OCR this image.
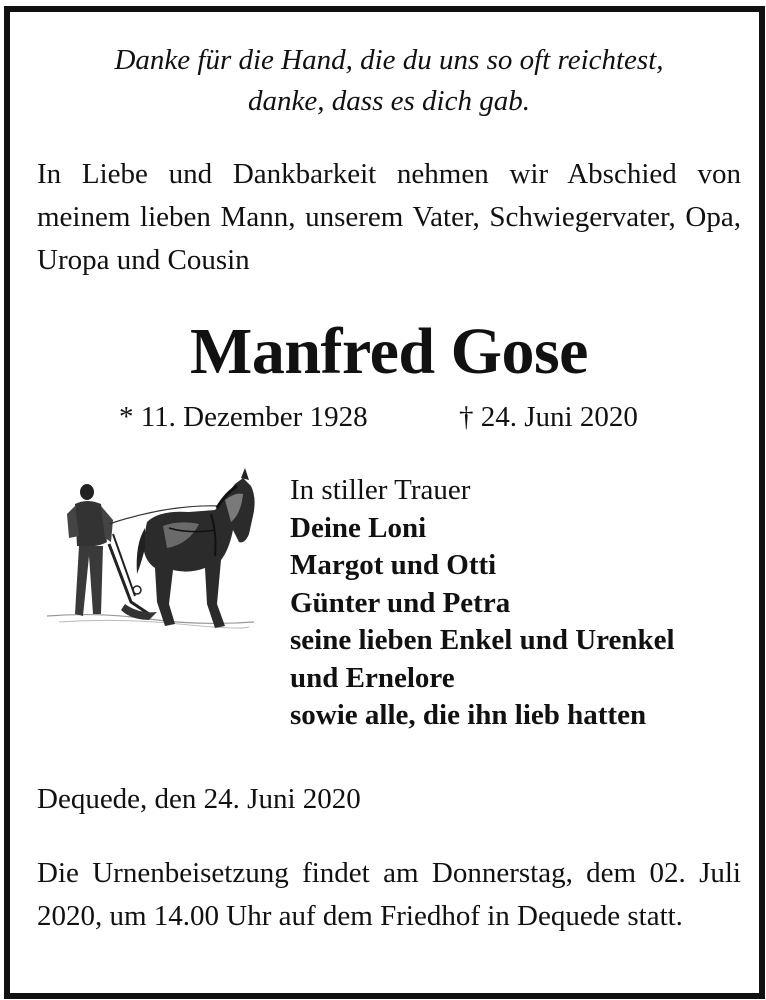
Danke für die Hand, die du uns so oft reichtest,
danke, dass es dich gab.
In Liebe und Dankbarkeit nehmen wir Abschied von meinem lieben Mann, unserem Vater, Schwiegervater, Opa, Uropa und Cousin
Manfred Gose
* 11. Dezember 1928	† 24. Juni 2020
In stiller Trauer
Deine Loni
Margot und Otti
Günter und Petra
seine lieben Enkel und Urenkel
und Ernelore
sowie alle, die ihn lieb hatten
Dequede, den 24. Juni 2020
Die Urnenbeisetzung findet am Donnerstag, dem 02. Juli 2020, um 14.00 Uhr auf dem Friedhof in Dequede statt.
